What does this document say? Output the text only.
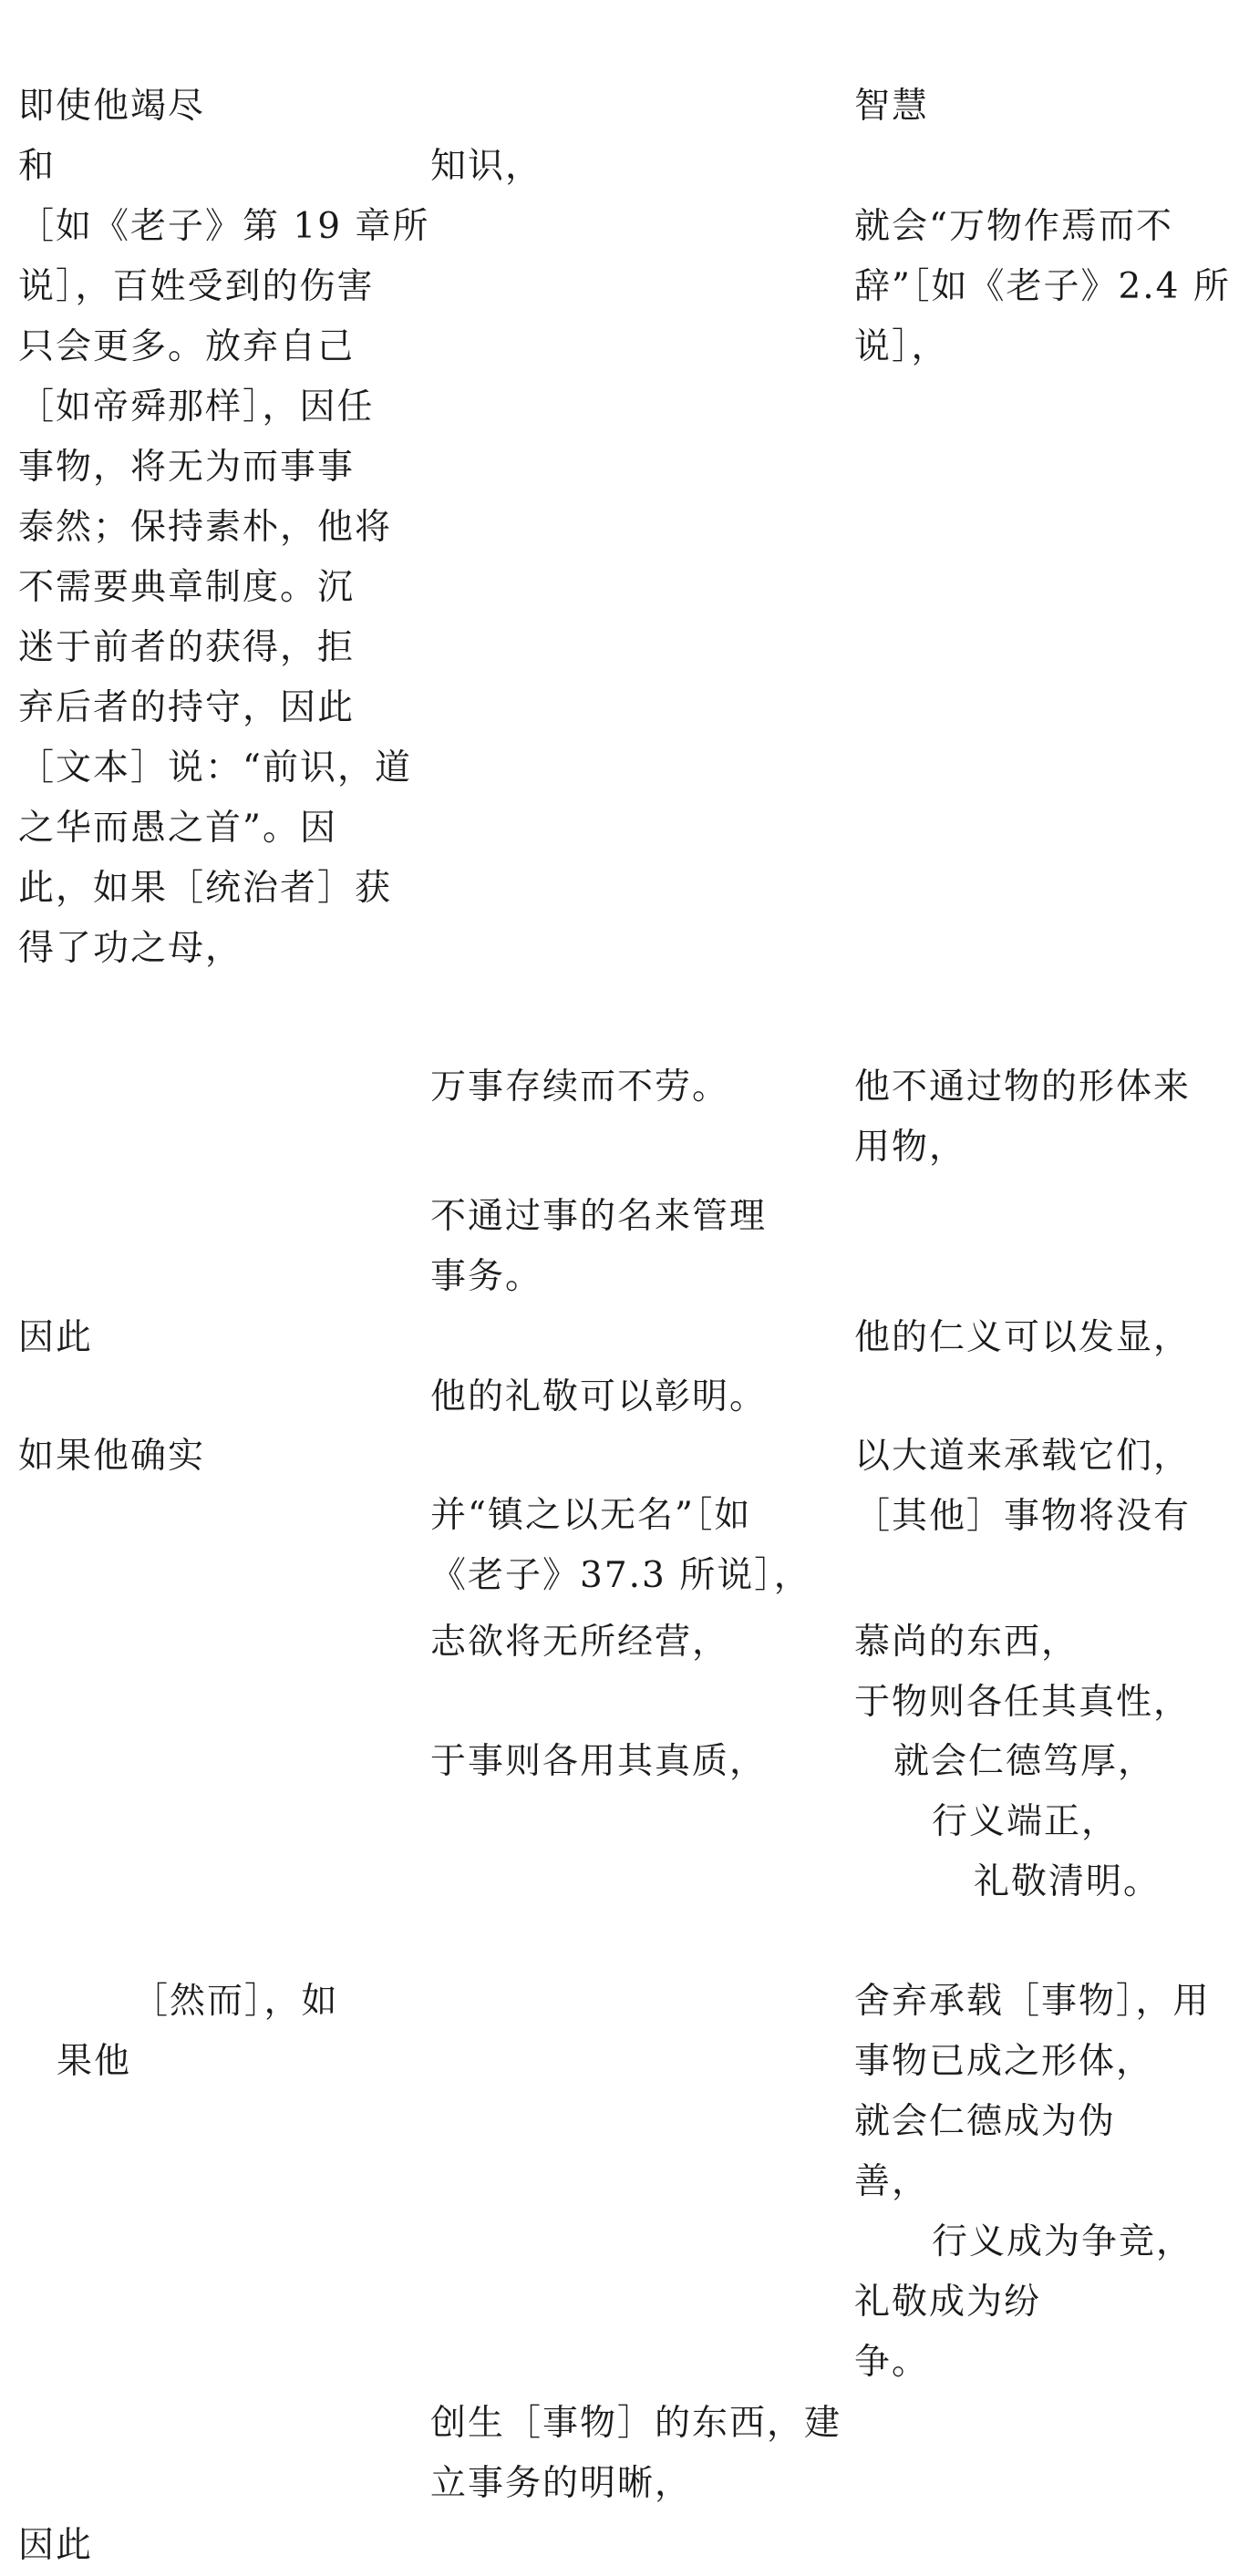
即使他竭尽
和
［如《老子》第 19 章所
说］，百姓受到的伤害
只会更多。放弃自己
［如帝舜那样］，因任
事物，将无为而事事
泰然；保持素朴，他将
不需要典章制度。沉
迷于前者的获得，拒
弃后者的持守，因此
［文本］说：“前识，道
之华而愚之首”。因
此，如果［统治者］获
得了功之母，
因此
如果他确实
［然而］，如
果他
因此
知识，
万事存续而不劳。
不通过事的名来管理
事务。
他的礼敬可以彰明。
并“镇之以无名”［如
《老子》37.3 所说］，
志欲将无所经营，
于事则各用其真质，
创生［事物］的东西，建
立事务的明晰，
智慧
就会“万物作焉而不
辞”［如《老子》2.4 所
说］，
他不通过物的形体来
用物，
他的仁义可以发显，
以大道来承载它们，
［其他］事物将没有
慕尚的东西，
于物则各任其真性，
就会仁德笃厚，
行义端正，
礼敬清明。
舍弃承载［事物］，用
事物已成之形体，
就会仁德成为伪
善，
行义成为争竞，
礼敬成为纷
争。
